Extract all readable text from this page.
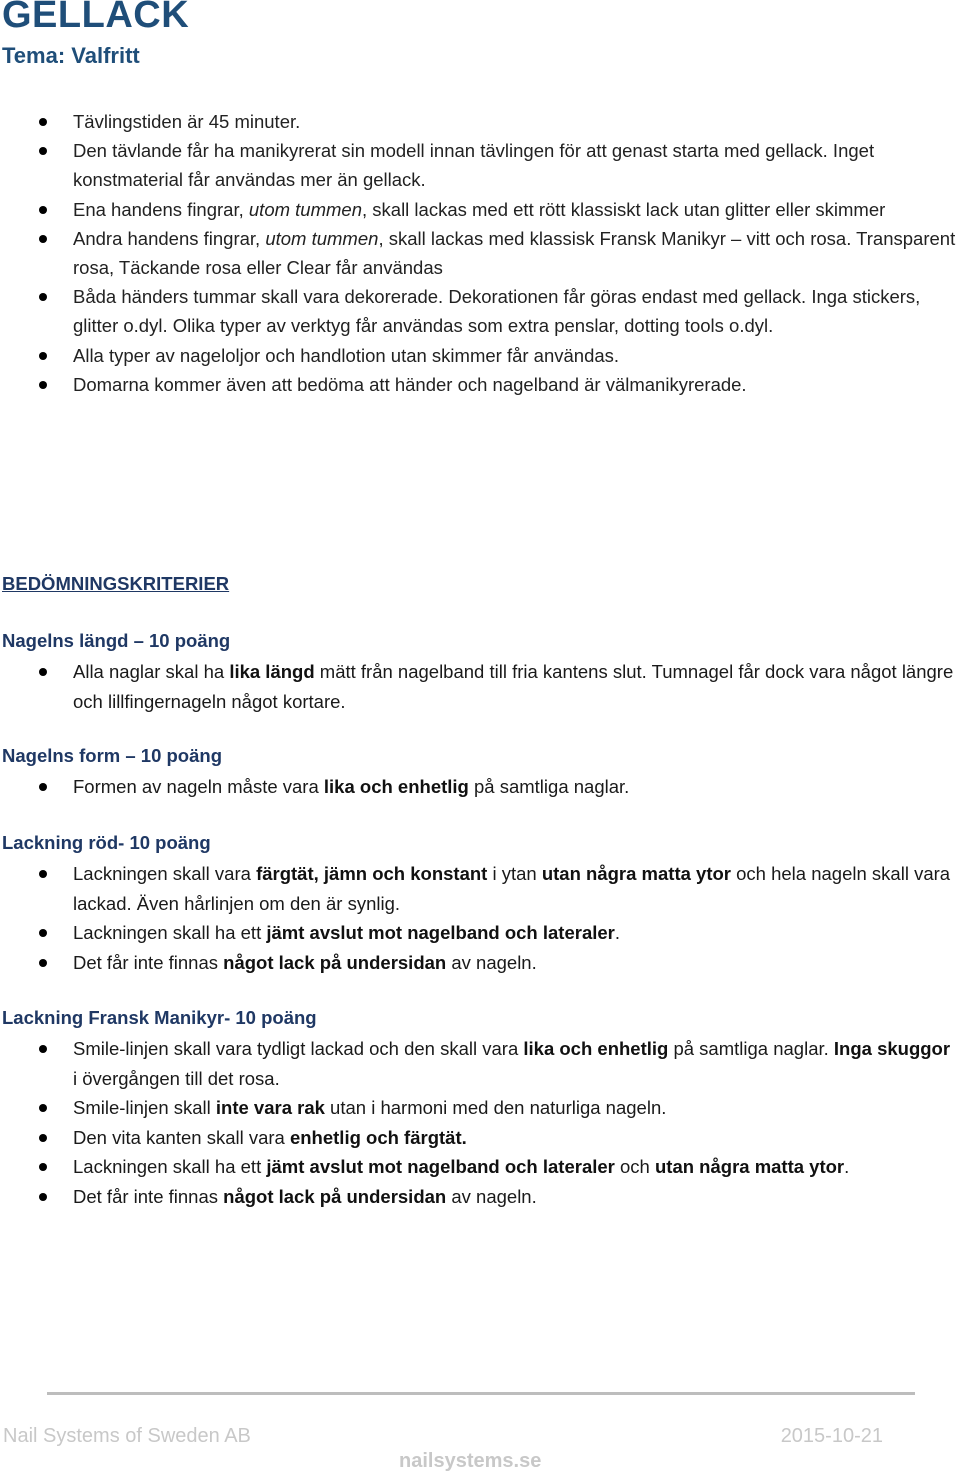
GELLACK
Tema: Valfritt
Tävlingstiden är 45 minuter.
Den tävlande får ha manikyrerat sin modell innan tävlingen för att genast starta med gellack. Inget konstmaterial får användas mer än gellack.
Ena handens fingrar, utom tummen, skall lackas med ett rött klassiskt lack utan glitter eller skimmer
Andra handens fingrar, utom tummen, skall lackas med klassisk Fransk Manikyr – vitt och rosa. Transparent rosa, Täckande rosa eller Clear får användas
Båda händers tummar skall vara dekorerade. Dekorationen får göras endast med gellack. Inga stickers, glitter o.dyl. Olika typer av verktyg får användas som extra penslar, dotting tools o.dyl.
Alla typer av nageloljor och handlotion utan skimmer får användas.
Domarna kommer även att bedöma att händer och nagelband är välmanikyrerade.
BEDÖMNINGSKRITERIER
Nagelns längd – 10 poäng
Alla naglar skal ha lika längd mätt från nagelband till fria kantens slut. Tumnagel får dock vara något längre och lillfingernageln något kortare.
Nagelns form – 10 poäng
Formen av nageln måste vara lika och enhetlig på samtliga naglar.
Lackning röd- 10 poäng
Lackningen skall vara färgtät, jämn och konstant i ytan utan några matta ytor och hela nageln skall vara lackad. Även hårlinjen om den är synlig.
Lackningen skall ha ett jämt avslut mot nagelband och lateraler.
Det får inte finnas något lack på undersidan av nageln.
Lackning Fransk Manikyr- 10 poäng
Smile-linjen skall vara tydligt lackad och den skall vara lika och enhetlig på samtliga naglar. Inga skuggor i övergången till det rosa.
Smile-linjen skall inte vara rak utan i harmoni med den naturliga nageln.
Den vita kanten skall vara enhetlig och färgtät.
Lackningen skall ha ett jämt avslut mot nagelband och lateraler och utan några matta ytor.
Det får inte finnas något lack på undersidan av nageln.
Nail Systems of Sweden AB	2015-10-21
nailsystems.se
